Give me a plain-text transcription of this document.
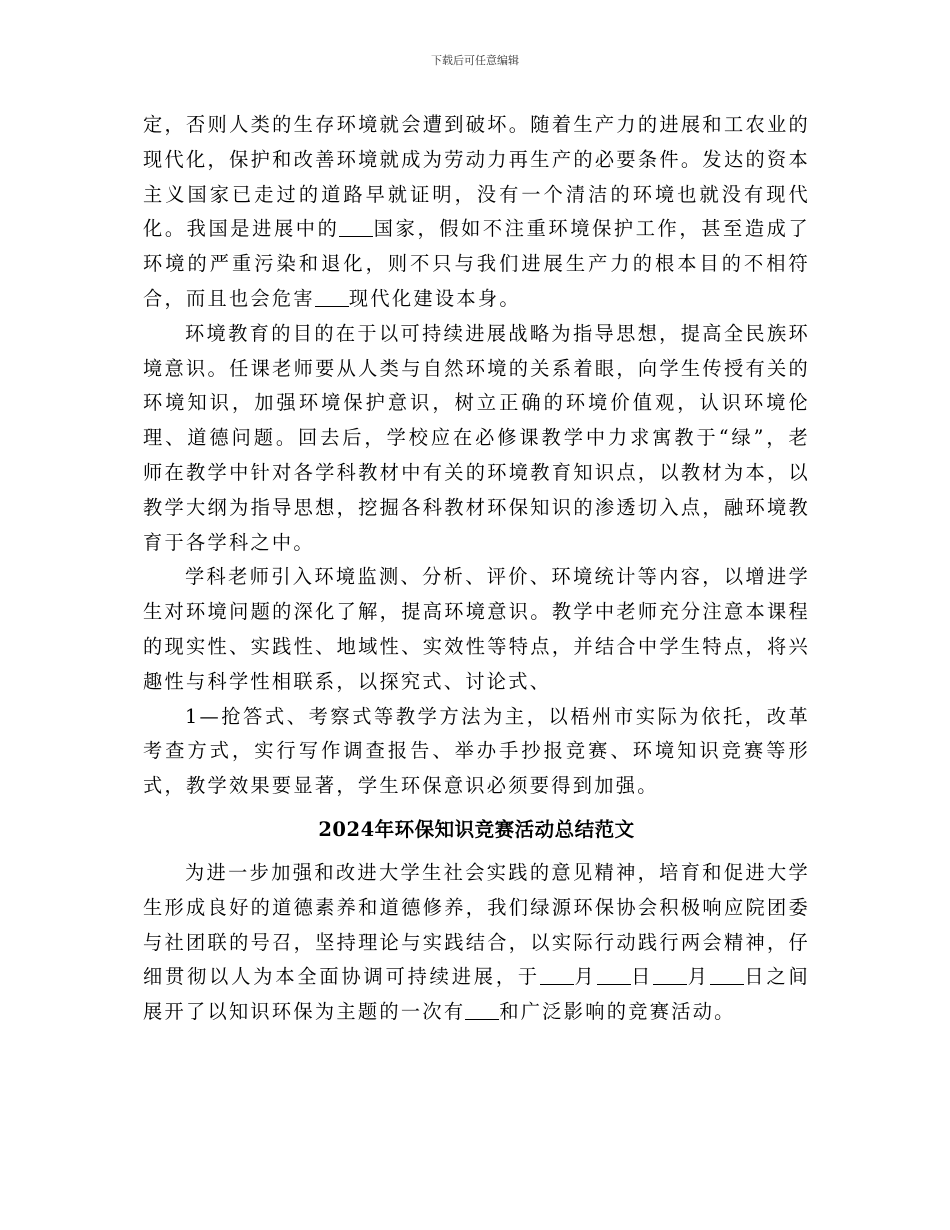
下载后可任意编辑

定，否则人类的生存环境就会遭到破坏。随着生产力的进展和工农业的现代化，保护和改善环境就成为劳动力再生产的必要条件。发达的资本主义国家已走过的道路早就证明，没有一个清洁的环境也就没有现代化。我国是进展中的 国家，假如不注重环境保护工作，甚至造成了环境的严重污染和退化，则不只与我们进展生产力的根本目的不相符合，而且也会危害 现代化建设本身。

环境教育的目的在于以可持续进展战略为指导思想，提高全民族环境意识。任课老师要从人类与自然环境的关系着眼，向学生传授有关的环境知识，加强环境保护意识，树立正确的环境价值观，认识环境伦理、道德问题。回去后，学校应在必修课教学中力求寓教于“绿”，老师在教学中针对各学科教材中有关的环境教育知识点，以教材为本，以教学大纲为指导思想，挖掘各科教材环保知识的渗透切入点，融环境教育于各学科之中。

学科老师引入环境监测、分析、评价、环境统计等内容，以增进学生对环境问题的深化了解，提高环境意识。教学中老师充分注意本课程的现实性、实践性、地域性、实效性等特点，并结合中学生特点，将兴趣性与科学性相联系，以探究式、讨论式、

1—抢答式、考察式等教学方法为主，以梧州市实际为依托，改革考查方式，实行写作调查报告、举办手抄报竞赛、环境知识竞赛等形式，教学效果要显著，学生环保意识必须要得到加强。

2024年环保知识竞赛活动总结范文

为进一步加强和改进大学生社会实践的意见精神，培育和促进大学生形成良好的道德素养和道德修养，我们绿源环保协会积极响应院团委与社团联的号召，坚持理论与实践结合，以实际行动践行两会精神，仔细贯彻以人为本全面协调可持续进展，于 月 日 月 日之间展开了以知识环保为主题的一次有 和广泛影响的竞赛活动。
